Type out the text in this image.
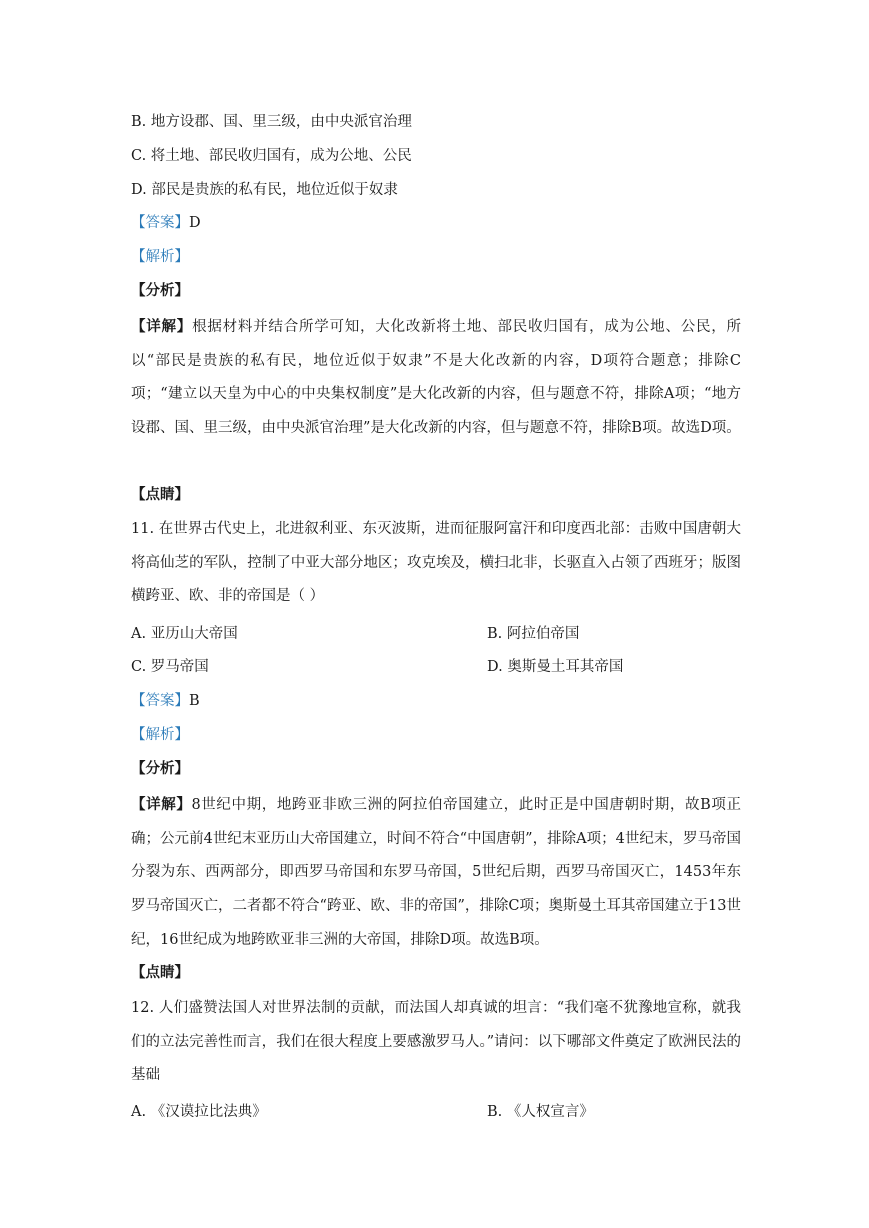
B. 地方设郡、国、里三级，由中央派官治理
C. 将土地、部民收归国有，成为公地、公民
D. 部民是贵族的私有民，地位近似于奴隶
【答案】D
【解析】
【分析】
【详解】根据材料并结合所学可知，大化改新将土地、部民收归国有，成为公地、公民，所以“部民是贵族的私有民，地位近似于奴隶”不是大化改新的内容，D项符合题意；排除C项；“建立以天皇为中心的中央集权制度”是大化改新的内容，但与题意不符，排除A项；“地方设郡、国、里三级，由中央派官治理”是大化改新的内容，但与题意不符，排除B项。故选D项。
【点睛】
11. 在世界古代史上，北进叙利亚、东灭波斯，进而征服阿富汗和印度西北部：击败中国唐朝大将高仙芝的军队，控制了中亚大部分地区；攻克埃及，横扫北非，长驱直入占领了西班牙；版图横跨亚、欧、非的帝国是（ ）
A. 亚历山大帝国	B. 阿拉伯帝国
C. 罗马帝国	D. 奥斯曼土耳其帝国
【答案】B
【解析】
【分析】
【详解】8世纪中期，地跨亚非欧三洲的阿拉伯帝国建立，此时正是中国唐朝时期，故B项正确；公元前4世纪末亚历山大帝国建立，时间不符合“中国唐朝”，排除A项；4世纪末，罗马帝国分裂为东、西两部分，即西罗马帝国和东罗马帝国，5世纪后期，西罗马帝国灭亡，1453年东罗马帝国灭亡，二者都不符合“跨亚、欧、非的帝国”，排除C项；奥斯曼土耳其帝国建立于13世纪，16世纪成为地跨欧亚非三洲的大帝国，排除D项。故选B项。
【点睛】
12. 人们盛赞法国人对世界法制的贡献，而法国人却真诚的坦言：“我们毫不犹豫地宣称，就我们的立法完善性而言，我们在很大程度上要感激罗马人。”请问：以下哪部文件奠定了欧洲民法的基础
A. 《汉谟拉比法典》	B. 《人权宣言》
